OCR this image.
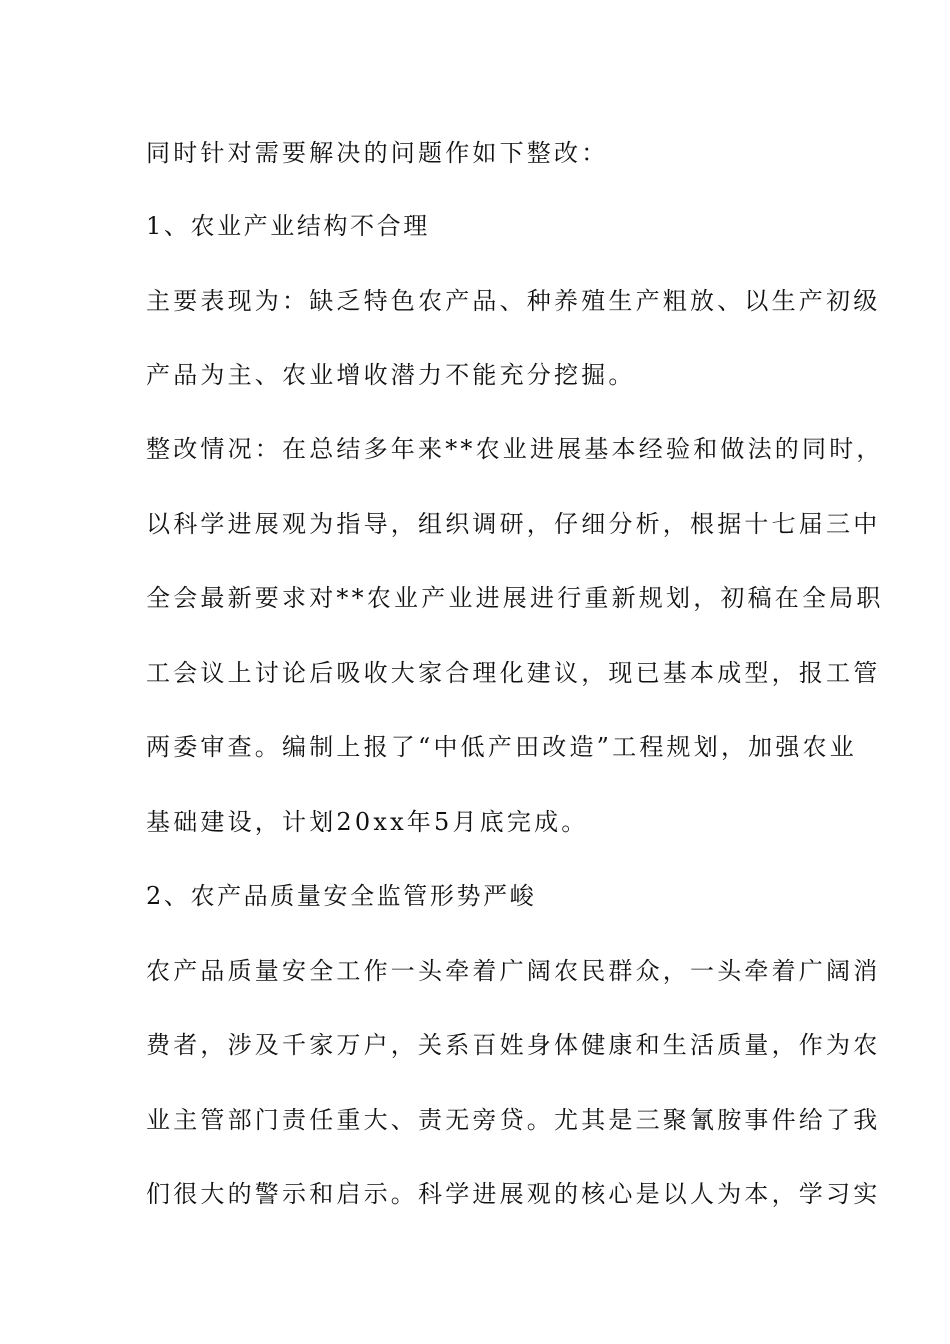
同时针对需要解决的问题作如下整改：
1、农业产业结构不合理
主要表现为：缺乏特色农产品、种养殖生产粗放、以生产初级
产品为主、农业增收潜力不能充分挖掘。
整改情况：在总结多年来**农业进展基本经验和做法的同时，
以科学进展观为指导，组织调研，仔细分析，根据十七届三中
全会最新要求对**农业产业进展进行重新规划，初稿在全局职
工会议上讨论后吸收大家合理化建议，现已基本成型，报工管
两委审查。编制上报了“中低产田改造”工程规划，加强农业
基础建设，计划20xx年5月底完成。
2、农产品质量安全监管形势严峻
农产品质量安全工作一头牵着广阔农民群众，一头牵着广阔消
费者，涉及千家万户，关系百姓身体健康和生活质量，作为农
业主管部门责任重大、责无旁贷。尤其是三聚氰胺事件给了我
们很大的警示和启示。科学进展观的核心是以人为本，学习实
